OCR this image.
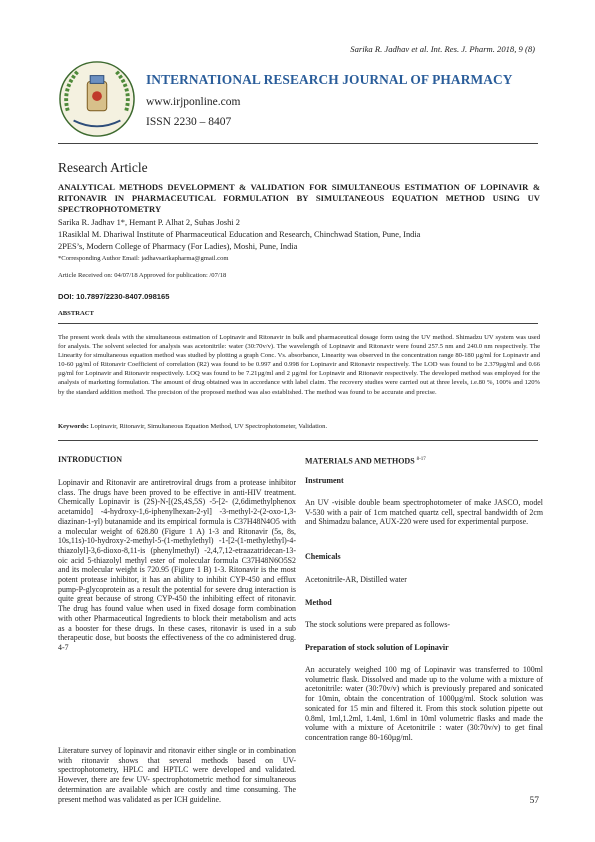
Sarika R. Jadhav et al. Int. Res. J. Pharm. 2018, 9 (8)
INTERNATIONAL RESEARCH JOURNAL OF PHARMACY
www.irjponline.com
ISSN 2230 – 8407
Research Article
ANALYTICAL METHODS DEVELOPMENT & VALIDATION FOR SIMULTANEOUS ESTIMATION OF LOPINAVIR & RITONAVIR IN PHARMACEUTICAL FORMULATION BY SIMULTANEOUS EQUATION METHOD USING UV SPECTROPHOTOMETRY
Sarika R. Jadhav 1*, Hemant P. Alhat 2, Suhas Joshi 2
1Rasiklal M. Dhariwal Institute of Pharmaceutical Education and Research, Chinchwad Station, Pune, India
2PES’s, Modern College of Pharmacy (For Ladies), Moshi, Pune, India
*Corresponding Author Email: jadhavsarikapharma@gmail.com
Article Received on: 04/07/18 Approved for publication: /07/18
DOI: 10.7897/2230-8407.098165
ABSTRACT
The present work deals with the simultaneous estimation of Lopinavir and Ritonavir in bulk and pharmaceutical dosage form using the UV method. Shimadzu UV system was used for analysis. The solvent selected for analysis was acetonitrile: water (30:70v/v). The wavelength of Lopinavir and Ritonavir were found 257.5 nm and 240.0 nm respectively. The Linearity for simultaneous equation method was studied by plotting a graph Conc. Vs. absorbance, Linearity was observed in the concentration range 80-180 µg/ml for Lopinavir and 10-60 µg/ml of Ritonavir Coefficient of correlation (R2) was found to be 0.997 and 0.998 for Lopinavir and Ritonavir respectively. The LOD was found to be 2.379µg/ml and 0.66 µg/ml for Lopinavir and Ritonavir respectively. LOQ was found to be 7.21µg/ml and 2 µg/ml for Lopinavir and Ritonavir respectively. The developed method was employed for the analysis of marketing formulation. The amount of drug obtained was in accordance with label claim. The recovery studies were carried out at three levels, i.e.80 %, 100% and 120% by the standard addition method. The precision of the proposed method was also established. The method was found to be accurate and precise.
Keywords: Lopinavir, Ritonavir, Simultaneous Equation Method, UV Spectrophotometer, Validation.
INTRODUCTION
Lopinavir and Ritonavir are antiretroviral drugs from a protease inhibitor class. The drugs have been proved to be effective in anti-HIV treatment. Chemically Lopinavir is (2S)-N-[(2S,4S,5S) -5-[2- (2,6dimethylphenox acetamido] -4-hydroxy-1,6-iphenylhexan-2-yl] -3-methyl-2-(2-oxo-1,3-diazinan-1-yl) butanamide and its empirical formula is C37H48N4O5 with a molecular weight of 628.80 (Figure 1 A) 1-3 and Ritonavir (5s, 8s, 10s,11s)-10-hydroxy-2-methyl-5-(1-methylethyl) -1-[2-(1-methylethyl)-4-thiazolyl]-3,6-dioxo-8,11-is (phenylmethyl) -2,4,7,12-etraazatridecan-13-oic acid 5-thiazolyl methyl ester of molecular formula C37H48N6O5S2 and its molecular weight is 720.95 (Figure 1 B) 1-3. Ritonavir is the most potent protease inhibitor, it has an ability to inhibit CYP-450 and efflux pump-P-glycoprotein as a result the potential for severe drug interaction is quite great because of strong CYP-450 the inhibiting effect of ritonavir. The drug has found value when used in fixed dosage form combination with other Pharmaceutical Ingredients to block their metabolism and acts as a booster for these drugs. In these cases, ritonavir is used in a sub therapeutic dose, but boosts the effectiveness of the co administered drug. 4-7
Literature survey of lopinavir and ritonavir either single or in combination with ritonavir shows that several methods based on UV- spectrophotometry, HPLC and HPTLC were developed and validated. However, there are few UV- spectrophotometric method for simultaneous determination are available which are costly and time consuming. The present method was validated as per ICH guideline.
MATERIALS AND METHODS $^{8-17}$
Instrument
An UV -visible double beam spectrophotometer of make JASCO, model V-530 with a pair of 1cm matched quartz cell, spectral bandwidth of 2cm and Shimadzu balance, AUX-220 were used for experimental purpose.
Chemicals
Acetonitrile-AR, Distilled water
Method
The stock solutions were prepared as follows-
Preparation of stock solution of Lopinavir
An accurately weighed 100 mg of Lopinavir was transferred to 100ml volumetric flask. Dissolved and made up to the volume with a mixture of acetonitrile: water (30:70v/v) which is previously prepared and sonicated for 10min, obtain the concentration of 1000µg/ml. Stock solution was sonicated for 15 min and filtered it. From this stock solution pipette out 0.8ml, 1ml,1.2ml, 1.4ml, 1.6ml in 10ml volumetric flasks and made the volume with a mixture of Acetonitrile : water (30:70v/v) to get final concentration range 80-160µg/ml.
57
